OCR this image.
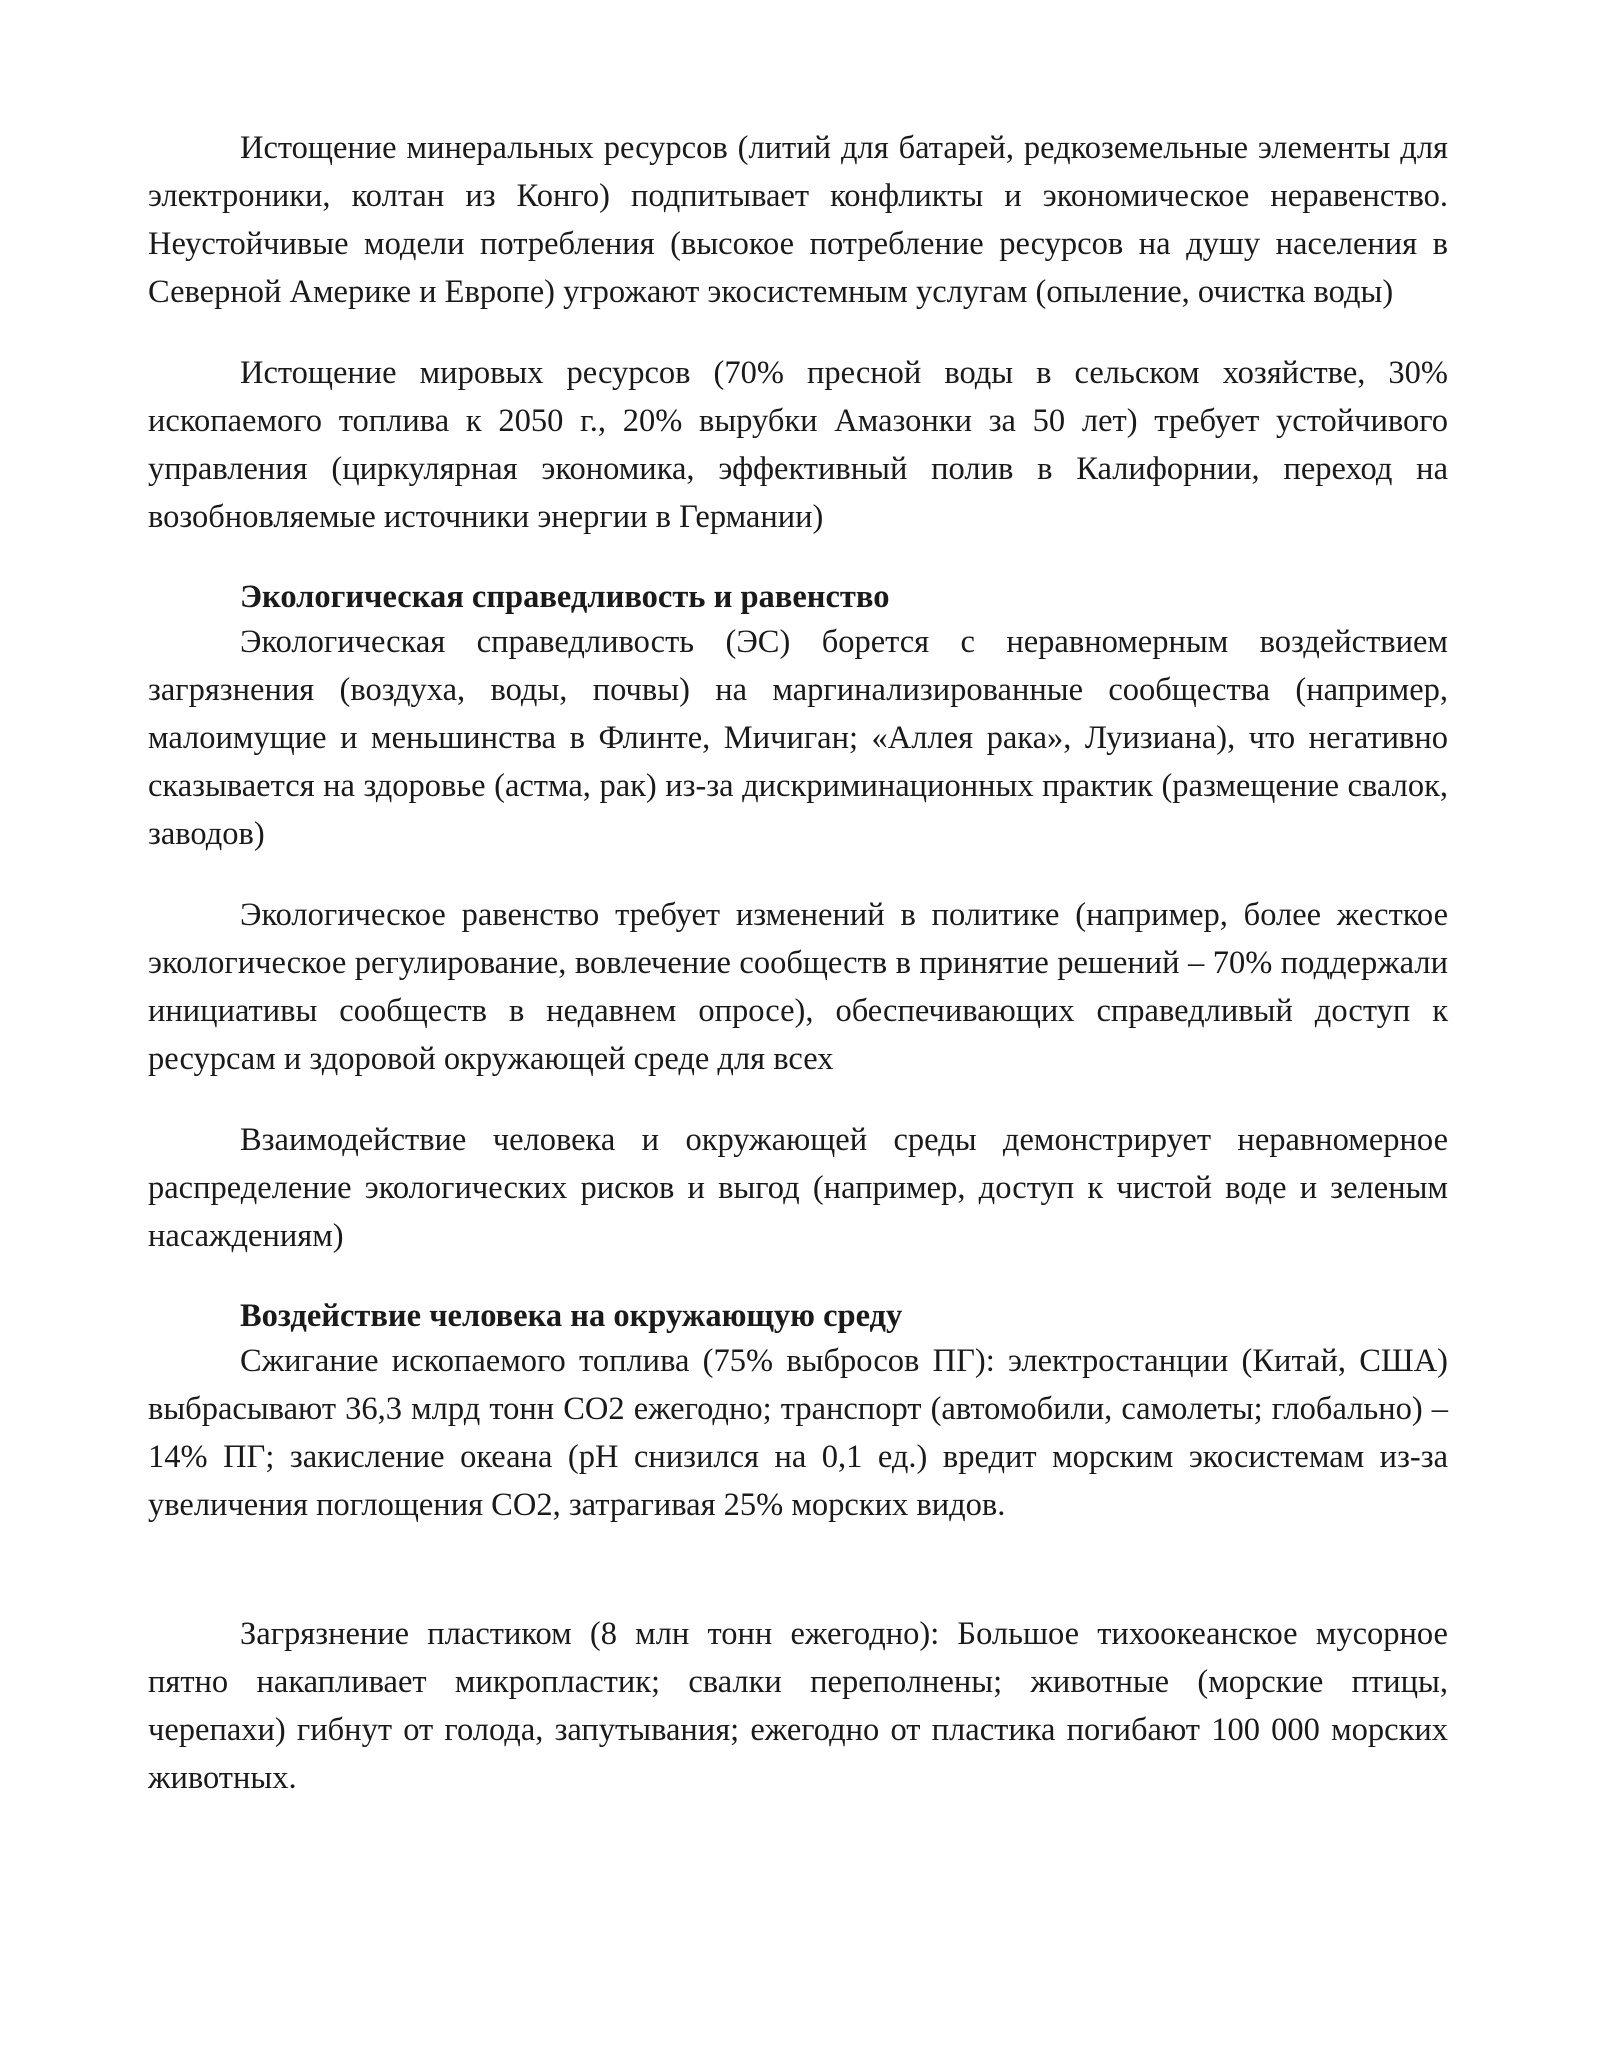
Истощение минеральных ресурсов (литий для батарей, редкоземельные элементы для электроники, колтан из Конго) подпитывает конфликты и экономическое неравенство. Неустойчивые модели потребления (высокое потребление ресурсов на душу населения в Северной Америке и Европе) угрожают экосистемным услугам (опыление, очистка воды)

Истощение мировых ресурсов (70% пресной воды в сельском хозяйстве, 30% ископаемого топлива к 2050 г., 20% вырубки Амазонки за 50 лет) требует устойчивого управления (циркулярная экономика, эффективный полив в Калифорнии, переход на возобновляемые источники энергии в Германии)

Экологическая справедливость и равенство

Экологическая справедливость (ЭС) борется с неравномерным воздействием загрязнения (воздуха, воды, почвы) на маргинализированные сообщества (например, малоимущие и меньшинства в Флинте, Мичиган; «Аллея рака», Луизиана), что негативно сказывается на здоровье (астма, рак) из-за дискриминационных практик (размещение свалок, заводов)

Экологическое равенство требует изменений в политике (например, более жесткое экологическое регулирование, вовлечение сообществ в принятие решений – 70% поддержали инициативы сообществ в недавнем опросе), обеспечивающих справедливый доступ к ресурсам и здоровой окружающей среде для всех

Взаимодействие человека и окружающей среды демонстрирует неравномерное распределение экологических рисков и выгод (например, доступ к чистой воде и зеленым насаждениям)

Воздействие человека на окружающую среду

Сжигание ископаемого топлива (75% выбросов ПГ): электростанции (Китай, США) выбрасывают 36,3 млрд тонн CO2 ежегодно; транспорт (автомобили, самолеты; глобально) – 14% ПГ; закисление океана (pH снизился на 0,1 ед.) вредит морским экосистемам из-за увеличения поглощения CO2, затрагивая 25% морских видов.

Загрязнение пластиком (8 млн тонн ежегодно): Большое тихоокеанское мусорное пятно накапливает микропластик; свалки переполнены; животные (морские птицы, черепахи) гибнут от голода, запутывания; ежегодно от пластика погибают 100 000 морских животных.
